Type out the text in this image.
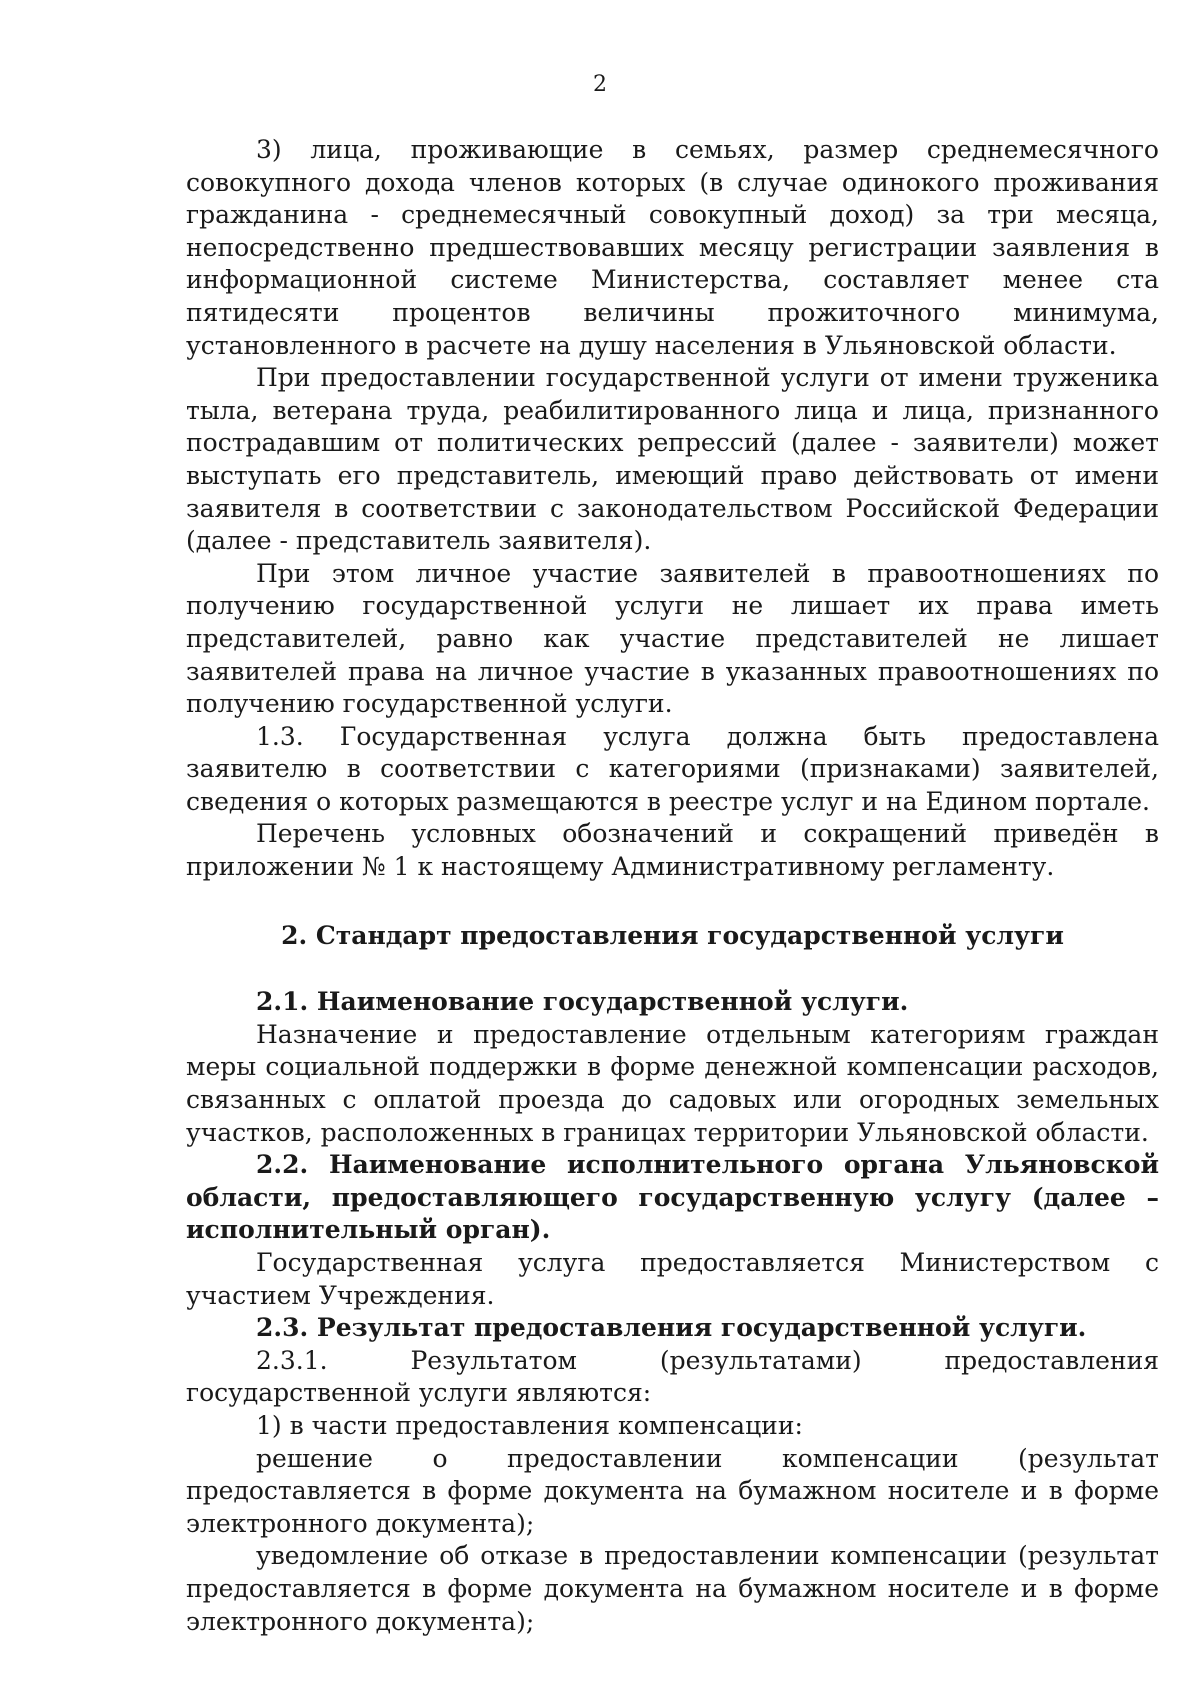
2

3) лица, проживающие в семьях, размер среднемесячного совокупного дохода членов которых (в случае одинокого проживания гражданина - среднемесячный совокупный доход) за три месяца, непосредственно предшествовавших месяцу регистрации заявления в информационной системе Министерства, составляет менее ста пятидесяти процентов величины прожиточного минимума, установленного в расчете на душу населения в Ульяновской области.

При предоставлении государственной услуги от имени труженика тыла, ветерана труда, реабилитированного лица и лица, признанного пострадавшим от политических репрессий (далее - заявители) может выступать его представитель, имеющий право действовать от имени заявителя в соответствии с законодательством Российской Федерации (далее - представитель заявителя).

При этом личное участие заявителей в правоотношениях по получению государственной услуги не лишает их права иметь представителей, равно как участие представителей не лишает заявителей права на личное участие в указанных правоотношениях по получению государственной услуги.

1.3. Государственная услуга должна быть предоставлена заявителю в соответствии с категориями (признаками) заявителей, сведения о которых размещаются в реестре услуг и на Едином портале.

Перечень условных обозначений и сокращений приведён в приложении № 1 к настоящему Административному регламенту.

2. Стандарт предоставления государственной услуги

2.1. Наименование государственной услуги.

Назначение и предоставление отдельным категориям граждан меры социальной поддержки в форме денежной компенсации расходов, связанных с оплатой проезда до садовых или огородных земельных участков, расположенных в границах территории Ульяновской области.

2.2. Наименование исполнительного органа Ульяновской области, предоставляющего государственную услугу (далее – исполнительный орган).

Государственная услуга предоставляется Министерством с участием Учреждения.

2.3. Результат предоставления государственной услуги.

2.3.1. Результатом (результатами) предоставления государственной услуги являются:

1) в части предоставления компенсации:

решение о предоставлении компенсации (результат предоставляется в форме документа на бумажном носителе и в форме электронного документа);

уведомление об отказе в предоставлении компенсации (результат предоставляется в форме документа на бумажном носителе и в форме электронного документа);
